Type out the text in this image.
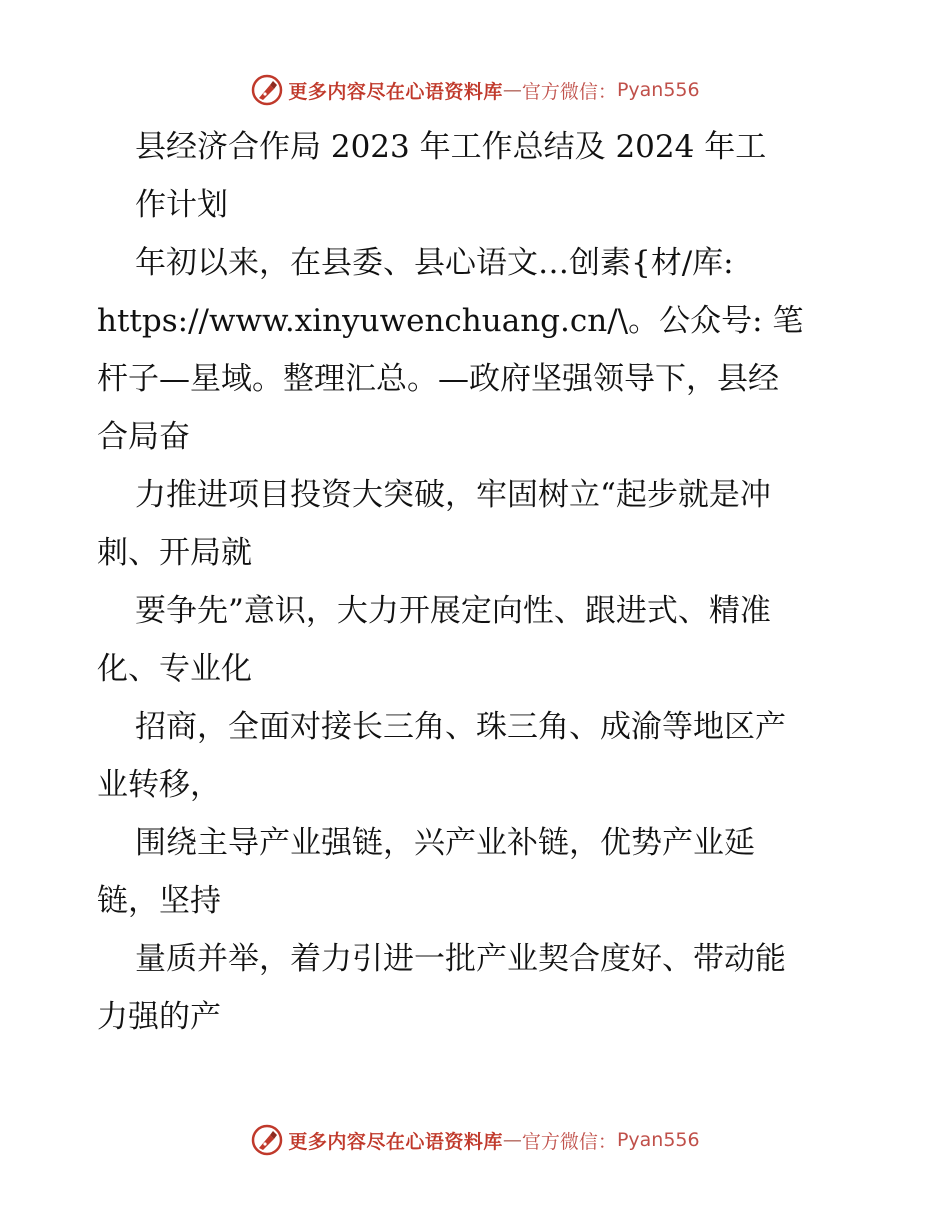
更多内容尽在心语资料库 — 官方微信： Pyan556
县经济合作局 2023 年工作总结及 2024 年工
作计划
年初以来，在县委、县心语文…创素{材/库:
https://www.xinyuwenchuang.cn/\。公众号: 笔
杆子—星域。整理汇总。—政府坚强领导下，县经
合局奋
力推进项目投资大突破，牢固树立“起步就是冲
刺、开局就
要争先”意识，大力开展定向性、跟进式、精准
化、专业化
招商，全面对接长三角、珠三角、成渝等地区产
业转移，
围绕主导产业强链，兴产业补链，优势产业延
链，坚持
量质并举，着力引进一批产业契合度好、带动能
力强的产
更多内容尽在心语资料库 — 官方微信： Pyan556
